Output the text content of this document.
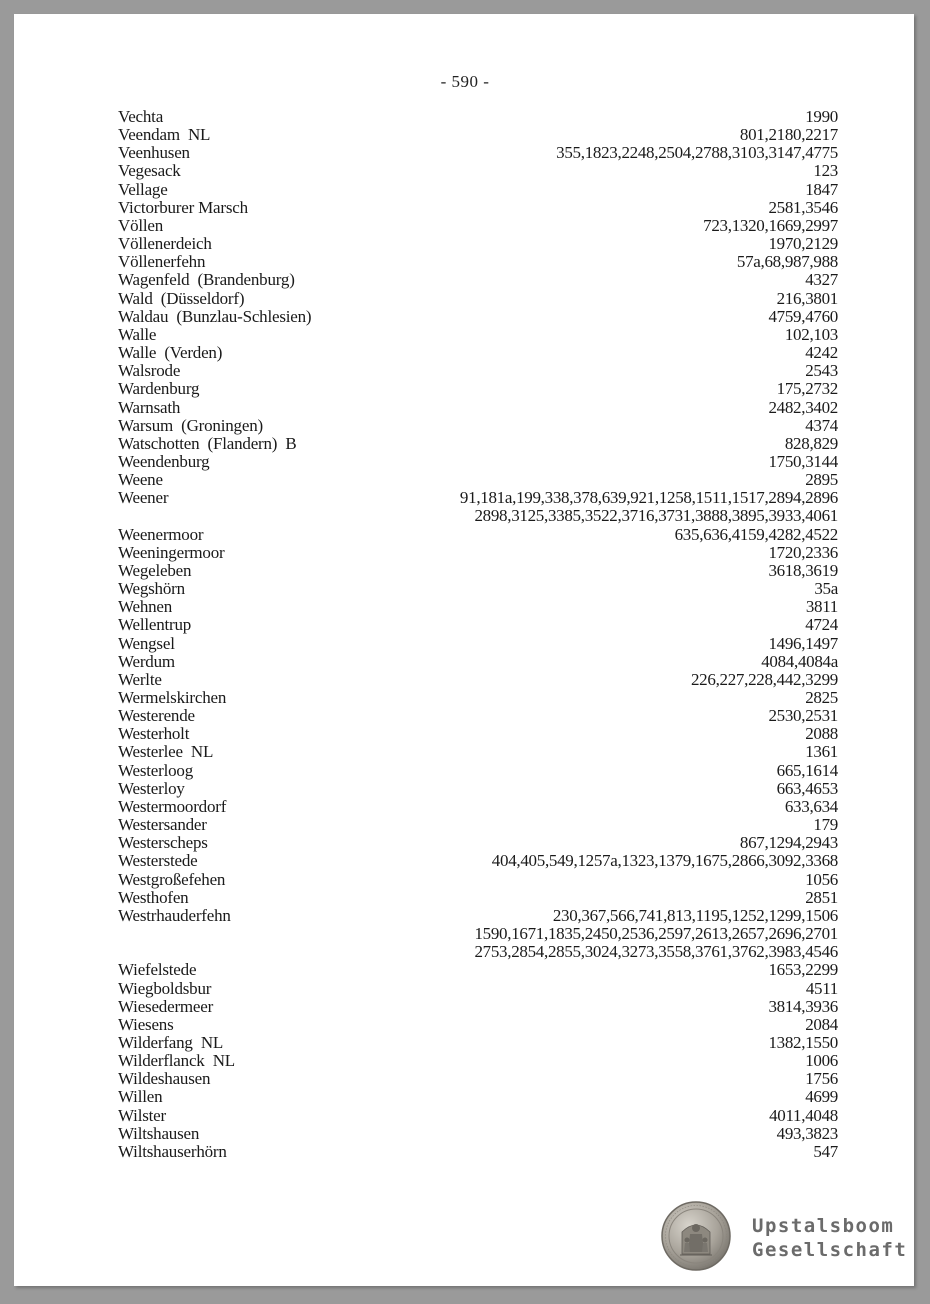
- 590 -
Vechta	1990
Veendam  NL	801,2180,2217
Veenhusen	355,1823,2248,2504,2788,3103,3147,4775
Vegesack	123
Vellage	1847
Victorburer Marsch	2581,3546
Völlen	723,1320,1669,2997
Völlenerdeich	1970,2129
Völlenerfehn	57a,68,987,988
Wagenfeld  (Brandenburg)	4327
Wald  (Düsseldorf)	216,3801
Waldau  (Bunzlau-Schlesien)	4759,4760
Walle	102,103
Walle  (Verden)	4242
Walsrode	2543
Wardenburg	175,2732
Warnsath	2482,3402
Warsum  (Groningen)	4374
Watschotten  (Flandern)  B	828,829
Weendenburg	1750,3144
Weene	2895
Weener	91,181a,199,338,378,639,921,1258,1511,1517,2894,2896
2898,3125,3385,3522,3716,3731,3888,3895,3933,4061
Weenermoor	635,636,4159,4282,4522
Weeningermoor	1720,2336
Wegeleben	3618,3619
Wegshörn	35a
Wehnen	3811
Wellentrup	4724
Wengsel	1496,1497
Werdum	4084,4084a
Werlte	226,227,228,442,3299
Wermelskirchen	2825
Westerende	2530,2531
Westerholt	2088
Westerlee  NL	1361
Westerloog	665,1614
Westerloy	663,4653
Westermoordorf	633,634
Westersander	179
Westerscheps	867,1294,2943
Westerstede	404,405,549,1257a,1323,1379,1675,2866,3092,3368
Westgroßefehen	1056
Westhofen	2851
Westrhauderfehn	230,367,566,741,813,1195,1252,1299,1506
1590,1671,1835,2450,2536,2597,2613,2657,2696,2701
2753,2854,2855,3024,3273,3558,3761,3762,3983,4546
Wiefelstede	1653,2299
Wiegboldsbur	4511
Wiesedermeer	3814,3936
Wiesens	2084
Wilderfang  NL	1382,1550
Wilderflanck  NL	1006
Wildeshausen	1756
Willen	4699
Wilster	4011,4048
Wiltshausen	493,3823
Wiltshauserhörn	547
Upstalsboom
Gesellschaft
